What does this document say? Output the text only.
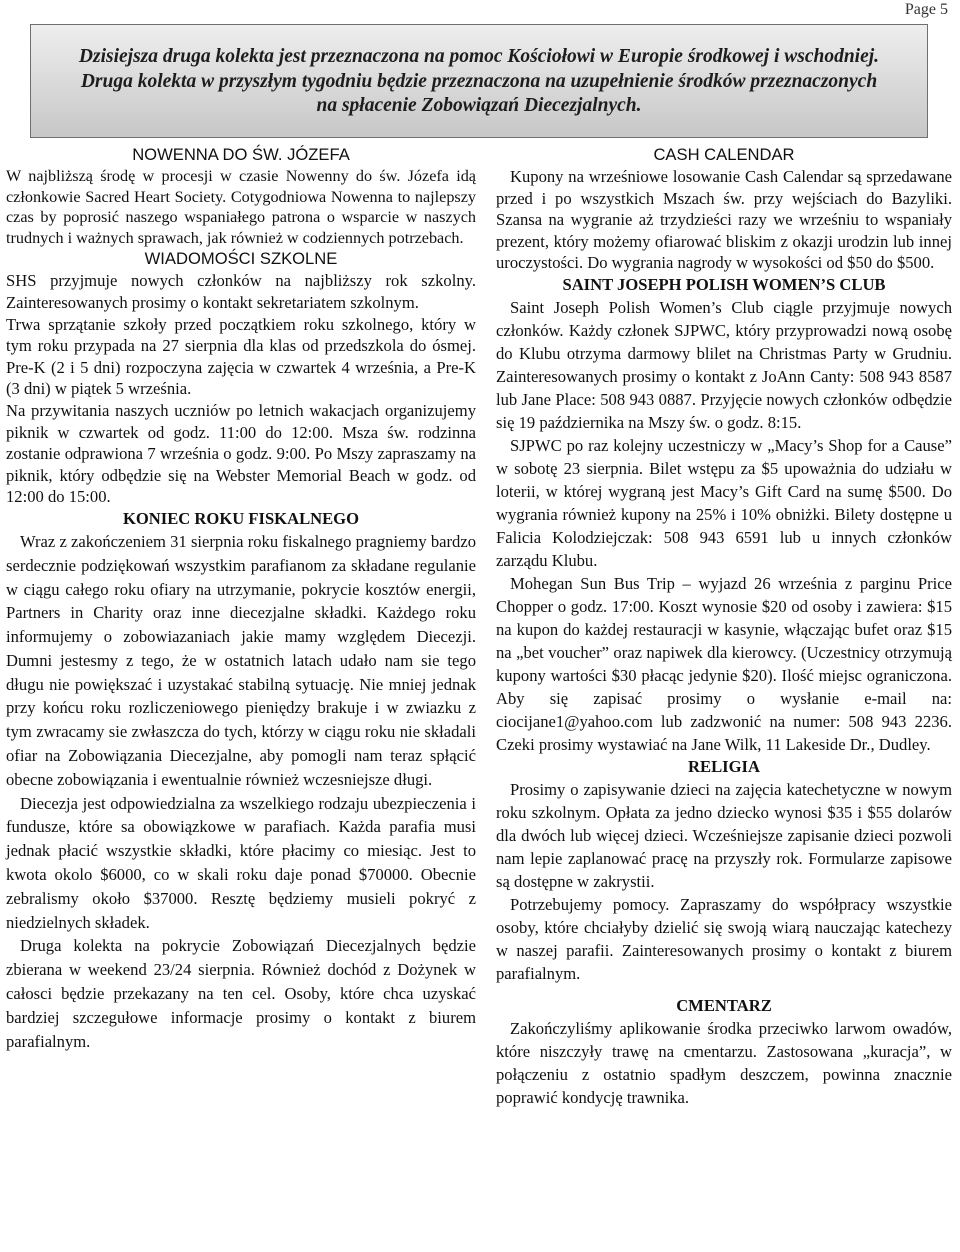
Page 5

Dzisiejsza druga kolekta jest przeznaczona na pomoc Kościołowi w Europie środkowej i wschodniej.

Druga kolekta w przyszłym tygodniu będzie przeznaczona na uzupełnienie środków przeznaczonych

na spłacenie Zobowiązań Diecezjalnych.

NOWENNA DO ŚW. JÓZEFA

W najbliższą środę w procesji w czasie Nowenny do św. Józefa idą członkowie Sacred Heart Society. Cotygodniowa Nowenna to najlepszy czas by poprosić naszego wspaniałego patrona o wsparcie w naszych trudnych i ważnych sprawach, jak również w codziennych potrzebach.

WIADOMOŚCI SZKOLNE

SHS przyjmuje nowych członków na najbliższy rok szkolny. Zainteresowanych prosimy o kontakt sekretariatem szkolnym.

Trwa sprzątanie szkoły przed początkiem roku szkolnego, który w tym roku przypada na 27 sierpnia dla klas od przedszkola do ósmej. Pre-K (2 i 5 dni) rozpoczyna zajęcia w czwartek 4 września, a Pre-K (3 dni) w piątek 5 września.

Na przywitania naszych uczniów po letnich wakacjach organizujemy piknik w czwartek od godz. 11:00 do 12:00. Msza św. rodzinna zostanie odprawiona 7 września o godz. 9:00. Po Mszy zapraszamy na piknik, który odbędzie się na Webster Memorial Beach w godz. od 12:00 do 15:00.

KONIEC ROKU FISKALNEGO

Wraz z zakończeniem 31 sierpnia roku fiskalnego pragniemy bardzo serdecznie podziękowań wszystkim parafianom za składane regulanie w ciągu całego roku ofiary na utrzymanie, pokrycie kosztów energii, Partners in Charity oraz inne diecezjalne składki. Każdego roku informujemy o zobowiazaniach jakie mamy względem Diecezji. Dumni jestesmy z tego, że w ostatnich latach udało nam sie tego długu nie powiększać i uzystakać stabilną sytuację. Nie mniej jednak przy końcu roku rozliczeniowego pieniędzy brakuje i w zwiazku z tym zwracamy sie zwłaszcza do tych, którzy w ciągu roku nie składali ofiar na Zobowiązania Diecezjalne, aby pomogli nam teraz spłącić obecne zobowiązania i ewentualnie również wczesniejsze długi.

Diecezja jest odpowiedzialna za wszelkiego rodzaju ubezpieczenia i fundusze, które sa obowiązkowe w parafiach. Każda parafia musi jednak płacić wszystkie składki, które płacimy co miesiąc. Jest to kwota okolo $6000, co w skali roku daje ponad $70000. Obecnie zebralismy około $37000. Resztę będziemy musieli pokryć z niedzielnych składek.

Druga kolekta na pokrycie Zobowiązań Diecezjalnych będzie zbierana w weekend 23/24 sierpnia. Również dochód z Dożynek w całosci będzie przekazany na ten cel. Osoby, które chca uzyskać bardziej szczegułowe informacje prosimy o kontakt z biurem parafialnym.

CASH CALENDAR

Kupony na wrześniowe losowanie Cash Calendar są sprzedawane przed i po wszystkich Mszach św. przy wejściach do Bazyliki. Szansa na wygranie aż trzydzieści razy we wrześniu to wspaniały prezent, który możemy ofiarować bliskim z okazji urodzin lub innej uroczystości. Do wygrania nagrody w wysokości od $50 do $500.

SAINT JOSEPH POLISH WOMEN’S CLUB

Saint Joseph Polish Women’s Club ciągle przyjmuje nowych członków. Każdy członek SJPWC, który przyprowadzi nową osobę do Klubu otrzyma darmowy blilet na Christmas Party w Grudniu. Zainteresowanych prosimy o kontakt z JoAnn Canty: 508 943 8587 lub Jane Place: 508 943 0887. Przyjęcie nowych członków odbędzie się 19 października na Mszy św. o godz. 8:15.

SJPWC po raz kolejny uczestniczy w „Macy’s Shop for a Cause” w sobotę 23 sierpnia. Bilet wstępu za $5 upoważnia do udziału w loterii, w której wygraną jest Macy’s Gift Card na sumę $500. Do wygrania również kupony na 25% i 10% obniżki. Bilety dostępne u Falicia Kolodziejczak: 508 943 6591 lub u innych członków zarządu Klubu.

Mohegan Sun Bus Trip – wyjazd 26 września z parginu Price Chopper o godz. 17:00. Koszt wynosie $20 od osoby i zawiera: $15 na kupon do każdej restauracji w kasynie, włączając bufet oraz $15 na „bet voucher” oraz napiwek dla kierowcy. (Uczestnicy otrzymują kupony wartości $30 płacąc jedynie $20). Ilość miejsc ograniczona. Aby się zapisać prosimy o wysłanie e-mail na: ciocijane1@yahoo.com lub zadzwonić na numer: 508 943 2236. Czeki prosimy wystawiać na Jane Wilk, 11 Lakeside Dr., Dudley.

RELIGIA

Prosimy o zapisywanie dzieci na zajęcia katechetyczne w nowym roku szkolnym. Opłata za jedno dziecko wynosi $35 i $55 dolarów dla dwóch lub więcej dzieci. Wcześniejsze zapisanie dzieci pozwoli nam lepie zaplanować pracę na przyszły rok. Formularze zapisowe są dostępne w zakrystii.

Potrzebujemy pomocy. Zapraszamy do współpracy wszystkie osoby, które chciałyby dzielić się swoją wiarą nauczając katechezy w naszej parafii. Zainteresowanych prosimy o kontakt z biurem parafialnym.

CMENTARZ

Zakończyliśmy aplikowanie środka przeciwko larwom owadów, które niszczyły trawę na cmentarzu. Zastosowana „kuracja”, w połączeniu z ostatnio spadłym deszczem, powinna znacznie poprawić kondycję trawnika.
